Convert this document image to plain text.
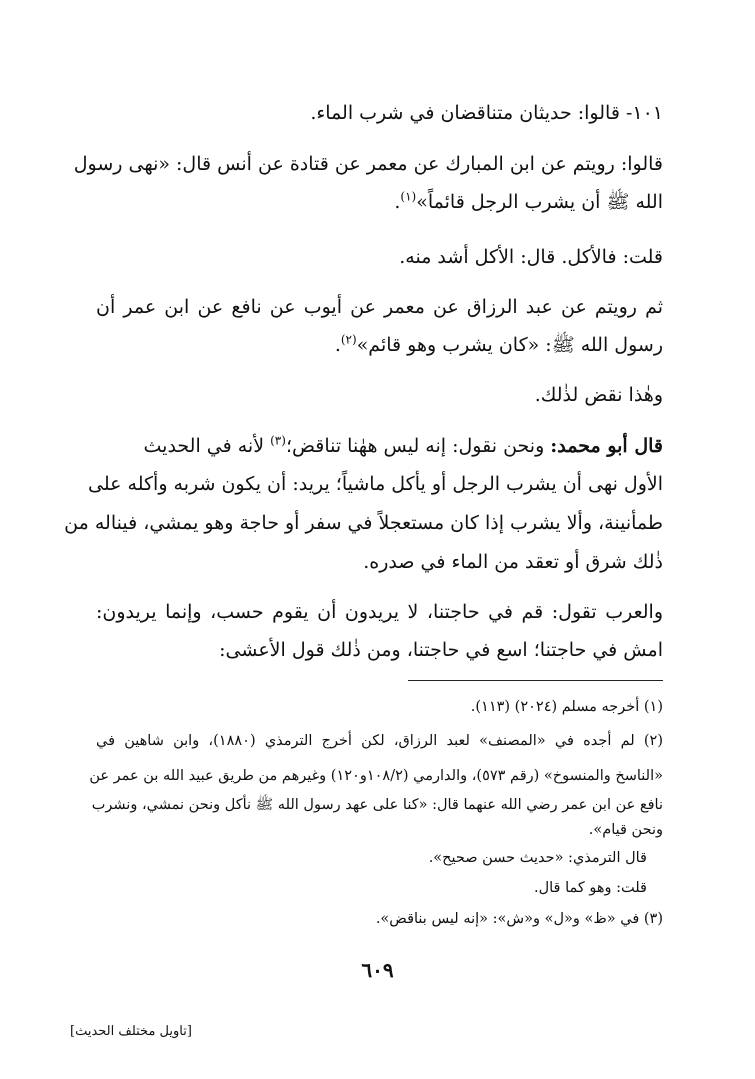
١٠١- قالوا: حديثان متناقضان في شرب الماء.
قالوا: رويتم عن ابن المبارك عن معمر عن قتادة عن أنس قال: «نهى رسول
الله ﷺ أن يشرب الرجل قائماً»$^{(١)}$.
قلت: فالأكل. قال: الأكل أشد منه.
ثم رويتم عن عبد الرزاق عن معمر عن أيوب عن نافع عن ابن عمر أن
رسول الله ﷺ: «كان يشرب وهو قائم»$^{(٢)}$.
وهٰذا نقض لذٰلك.
قال أبو محمد: ونحن نقول: إنه ليس ههٰنا تناقض؛$^{(٣)}$ لأنه في الحديث
الأول نهى أن يشرب الرجل أو يأكل ماشياً؛ يريد: أن يكون شربه وأكله على
طمأنينة، وألا يشرب إذا كان مستعجلاً في سفر أو حاجة وهو يمشي، فيناله من
ذٰلك شرق أو تعقد من الماء في صدره.
والعرب تقول: قم في حاجتنا، لا يريدون أن يقوم حسب، وإنما يريدون:
امش في حاجتنا؛ اسع في حاجتنا، ومن ذٰلك قول الأعشى:
(١) أخرجه مسلم (٢٠٢٤) (١١٣).
(٢) لم أجده في «المصنف» لعبد الرزاق، لكن أخرج الترمذي (١٨٨٠)، وابن شاهين في
«الناسخ والمنسوخ» (رقم ٥٧٣)، والدارمي (١٠٨/٢و١٢٠) وغيرهم من طريق عبيد الله بن عمر عن
نافع عن ابن عمر رضي الله عنهما قال: «كنا على عهد رسول الله ﷺ نأكل ونحن نمشي، ونشرب
ونحن قيام».
قال الترمذي: «حديث حسن صحيح».
قلت: وهو كما قال.
(٣) في «ظ» و«ل» و«ش»: «إنه ليس بناقض».
٦٠٩
[تاويل مختلف الحديث]
